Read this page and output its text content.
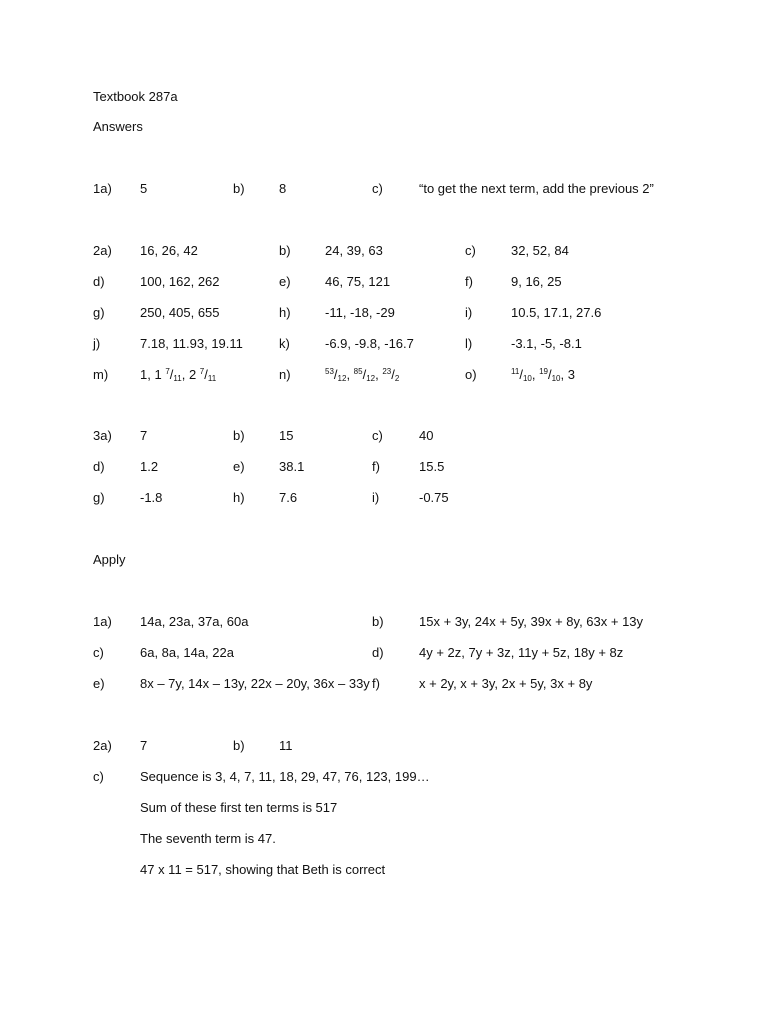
Textbook 287a
Answers
1a) 5	b)	8	c)	“to get the next term, add the previous 2”
2a) 16, 26, 42	b)	24, 39, 63	c)	32, 52, 84
d)	100, 162, 262	e)	46, 75, 121	f)	9, 16, 25
g)	250, 405, 655	h)	-11, -18, -29	i)	10.5, 17.1, 27.6
j)	7.18, 11.93, 19.11	k)	-6.9, -9.8, -16.7	l)	-3.1, -5, -8.1
m) 1, 1 $^7/_{11}$, 2 $^7/_{11}$	n)	$^{53}/_{12}$, $^{85}/_{12}$, $^{23}/_2$	o)	$^{11}/_{10}$, $^{19}/_{10}$, 3
3a) 7	b)	15	c)	40
d)	1.2	e)	38.1	f)	15.5
g)	-1.8	h)	7.6	i)	-0.75
Apply
1a) 14a, 23a, 37a, 60a	b)	15x + 3y, 24x + 5y, 39x + 8y, 63x + 13y
c)	6a, 8a, 14a, 22a	d)	4y + 2z, 7y + 3z, 11y + 5z, 18y + 8z
e)	8x – 7y, 14x – 13y, 22x – 20y, 36x – 33y f)	x + 2y, x + 3y, 2x + 5y, 3x + 8y
2a) 7	b)	11
c)	Sequence is 3, 4, 7, 11, 18, 29, 47, 76, 123, 199…
Sum of these first ten terms is 517
The seventh term is 47.
47 x 11 = 517, showing that Beth is correct
